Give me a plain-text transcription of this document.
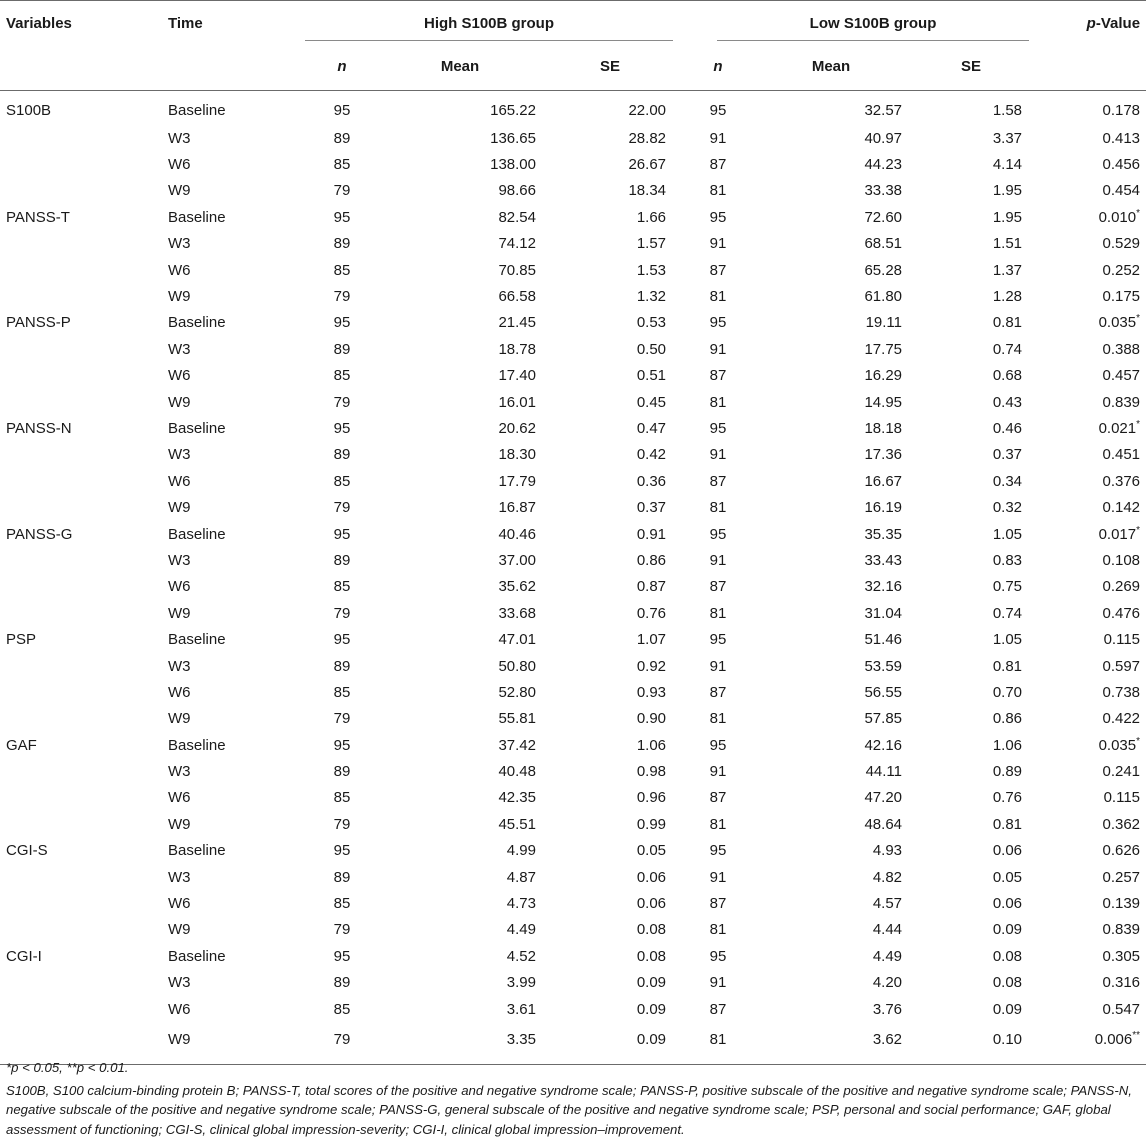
Variables	Time	High S100B group			Low S100B group			p-Value
		n	Mean	SE	n	Mean	SE	
S100B	Baseline	95	165.22	22.00	95	32.57	1.58	0.178
	W3	89	136.65	28.82	91	40.97	3.37	0.413
	W6	85	138.00	26.67	87	44.23	4.14	0.456
	W9	79	98.66	18.34	81	33.38	1.95	0.454
PANSS-T	Baseline	95	82.54	1.66	95	72.60	1.95	0.010*
	W3	89	74.12	1.57	91	68.51	1.51	0.529
	W6	85	70.85	1.53	87	65.28	1.37	0.252
	W9	79	66.58	1.32	81	61.80	1.28	0.175
PANSS-P	Baseline	95	21.45	0.53	95	19.11	0.81	0.035*
	W3	89	18.78	0.50	91	17.75	0.74	0.388
	W6	85	17.40	0.51	87	16.29	0.68	0.457
	W9	79	16.01	0.45	81	14.95	0.43	0.839
PANSS-N	Baseline	95	20.62	0.47	95	18.18	0.46	0.021*
	W3	89	18.30	0.42	91	17.36	0.37	0.451
	W6	85	17.79	0.36	87	16.67	0.34	0.376
	W9	79	16.87	0.37	81	16.19	0.32	0.142
PANSS-G	Baseline	95	40.46	0.91	95	35.35	1.05	0.017*
	W3	89	37.00	0.86	91	33.43	0.83	0.108
	W6	85	35.62	0.87	87	32.16	0.75	0.269
	W9	79	33.68	0.76	81	31.04	0.74	0.476
PSP	Baseline	95	47.01	1.07	95	51.46	1.05	0.115
	W3	89	50.80	0.92	91	53.59	0.81	0.597
	W6	85	52.80	0.93	87	56.55	0.70	0.738
	W9	79	55.81	0.90	81	57.85	0.86	0.422
GAF	Baseline	95	37.42	1.06	95	42.16	1.06	0.035*
	W3	89	40.48	0.98	91	44.11	0.89	0.241
	W6	85	42.35	0.96	87	47.20	0.76	0.115
	W9	79	45.51	0.99	81	48.64	0.81	0.362
CGI-S	Baseline	95	4.99	0.05	95	4.93	0.06	0.626
	W3	89	4.87	0.06	91	4.82	0.05	0.257
	W6	85	4.73	0.06	87	4.57	0.06	0.139
	W9	79	4.49	0.08	81	4.44	0.09	0.839
CGI-I	Baseline	95	4.52	0.08	95	4.49	0.08	0.305
	W3	89	3.99	0.09	91	4.20	0.08	0.316
	W6	85	3.61	0.09	87	3.76	0.09	0.547
	W9	79	3.35	0.09	81	3.62	0.10	0.006**

*p < 0.05, **p < 0.01.

S100B, S100 calcium-binding protein B; PANSS-T, total scores of the positive and negative syndrome scale; PANSS-P, positive subscale of the positive and negative syndrome scale; PANSS-N, negative subscale of the positive and negative syndrome scale; PANSS-G, general subscale of the positive and negative syndrome scale; PSP, personal and social performance; GAF, global assessment of functioning; CGI-S, clinical global impression-severity; CGI-I, clinical global impression–improvement.
